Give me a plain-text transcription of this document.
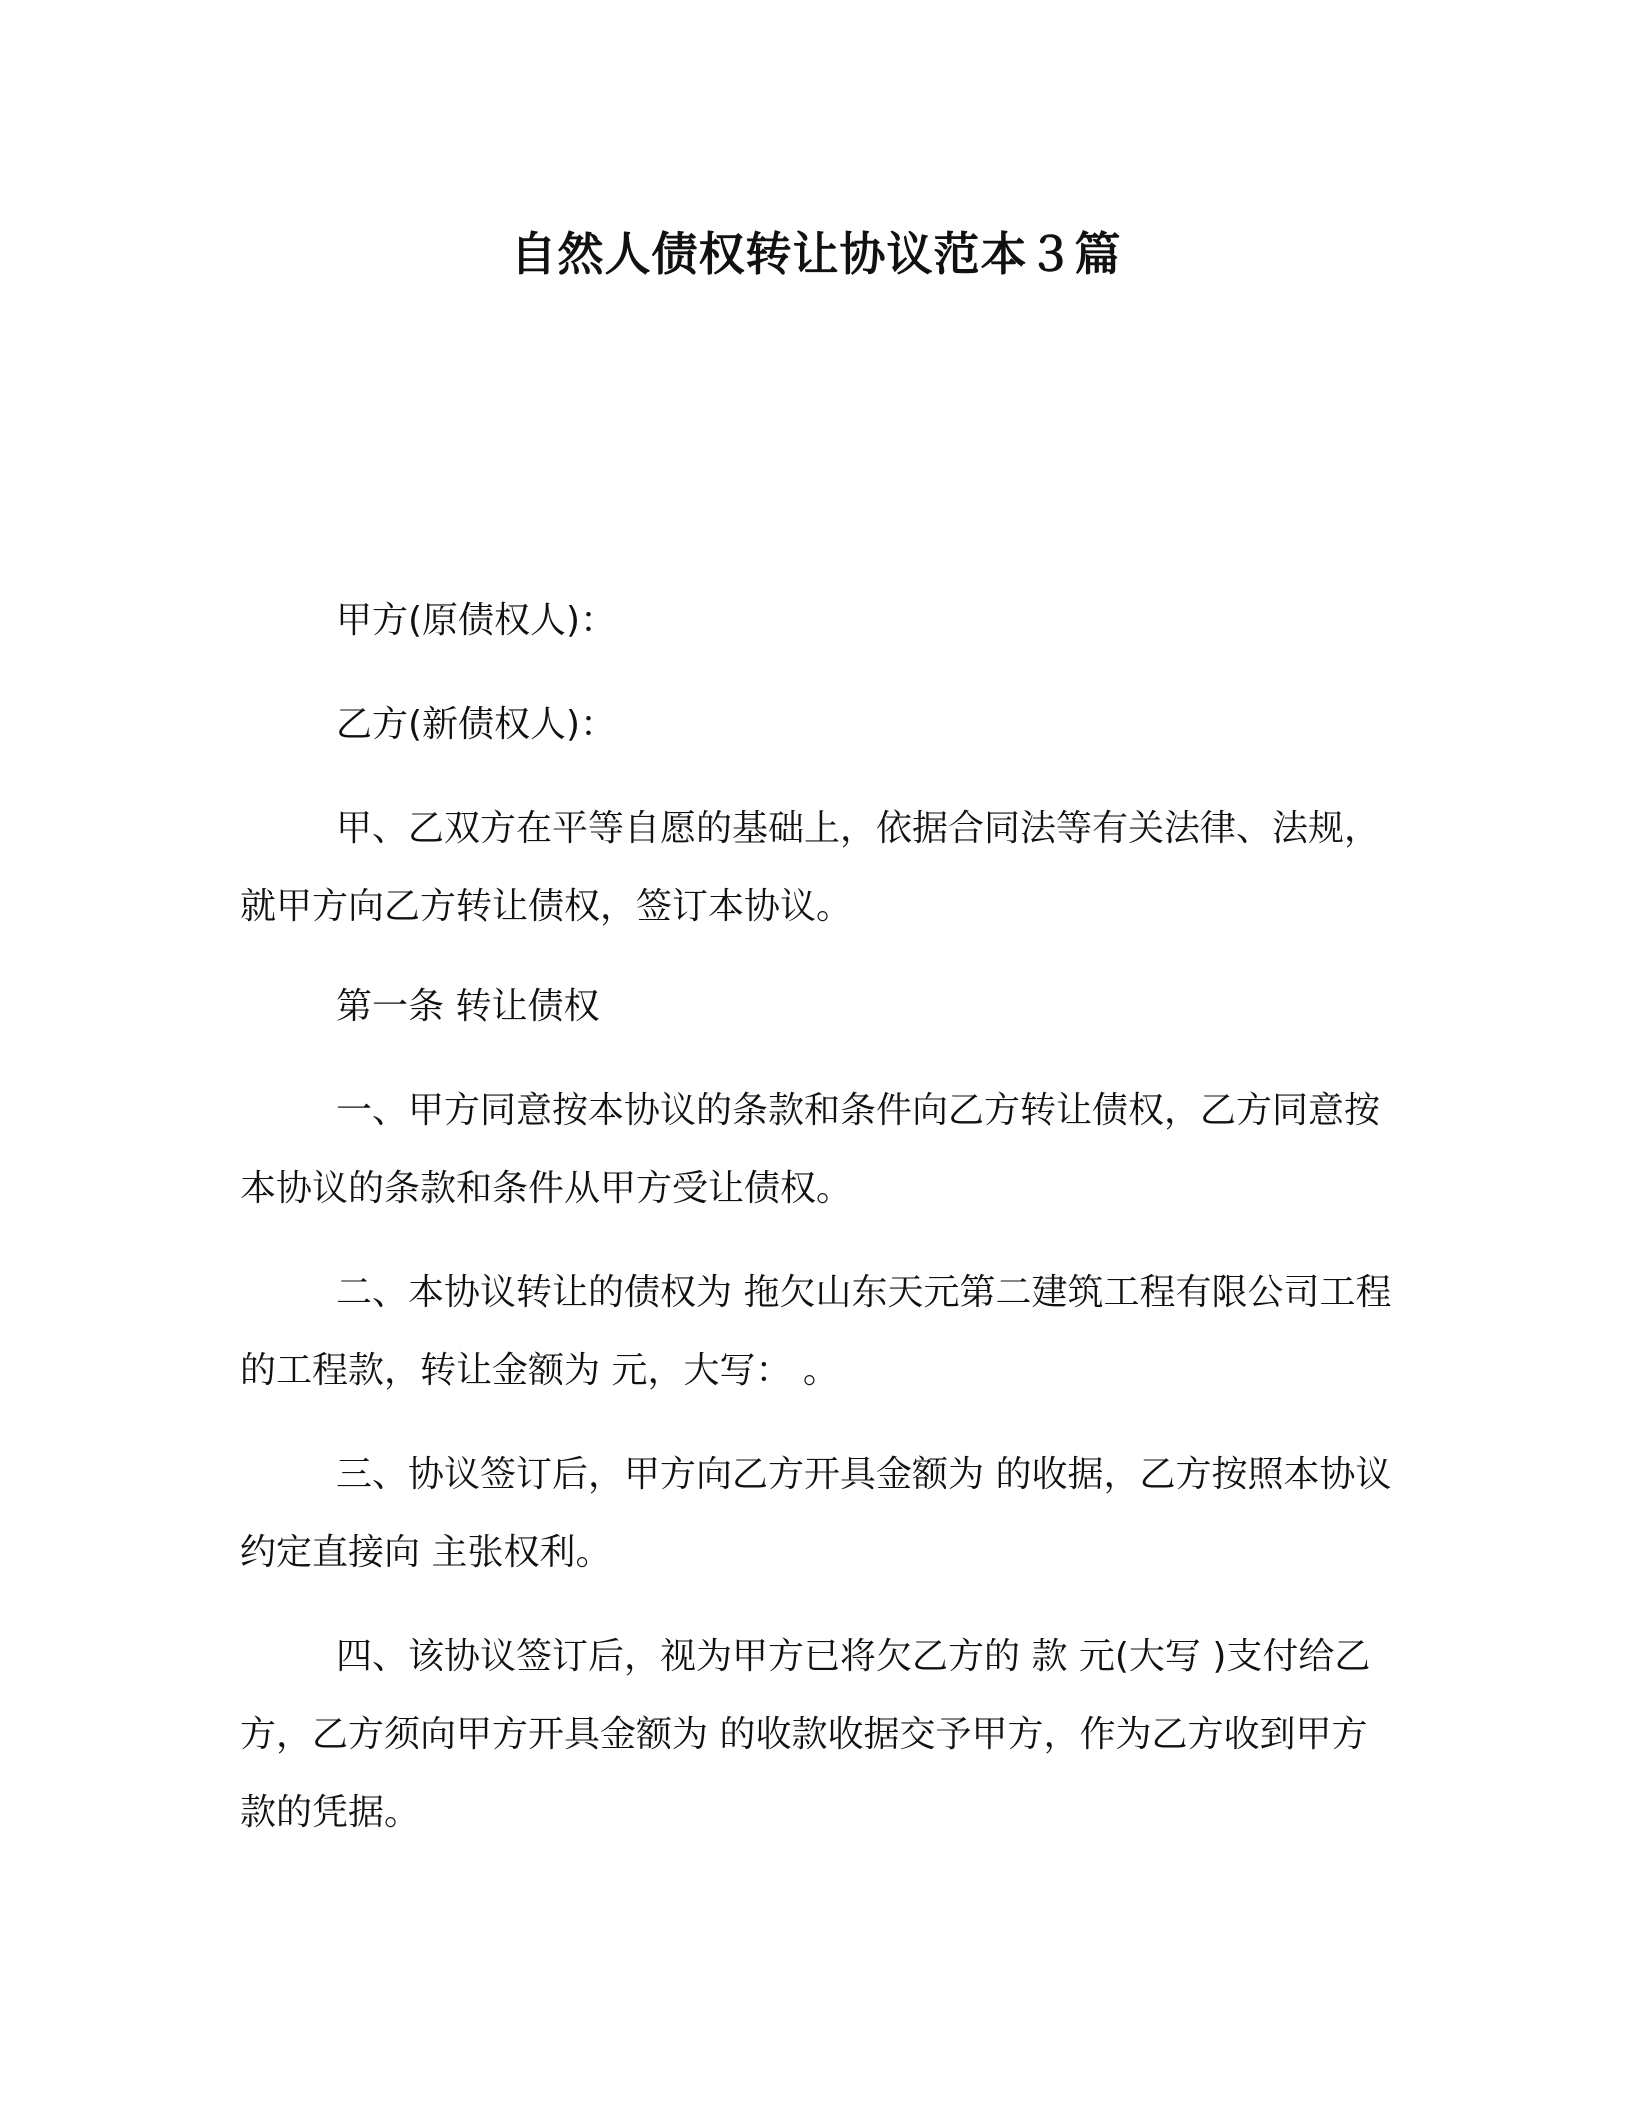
自然人债权转让协议范本３篇

甲方(原债权人)：

乙方(新债权人)：

甲、乙双方在平等自愿的基础上，依据合同法等有关法律、法规，就甲方向乙方转让债权，签订本协议。

第一条 转让债权

一、甲方同意按本协议的条款和条件向乙方转让债权，乙方同意按本协议的条款和条件从甲方受让债权。

二、本协议转让的债权为 拖欠山东天元第二建筑工程有限公司工程的工程款，转让金额为 元，大写： 。

三、协议签订后，甲方向乙方开具金额为 的收据，乙方按照本协议约定直接向 主张权利。

四、该协议签订后，视为甲方已将欠乙方的 款 元(大写 )支付给乙方，乙方须向甲方开具金额为 的收款收据交予甲方，作为乙方收到甲方 款的凭据。
